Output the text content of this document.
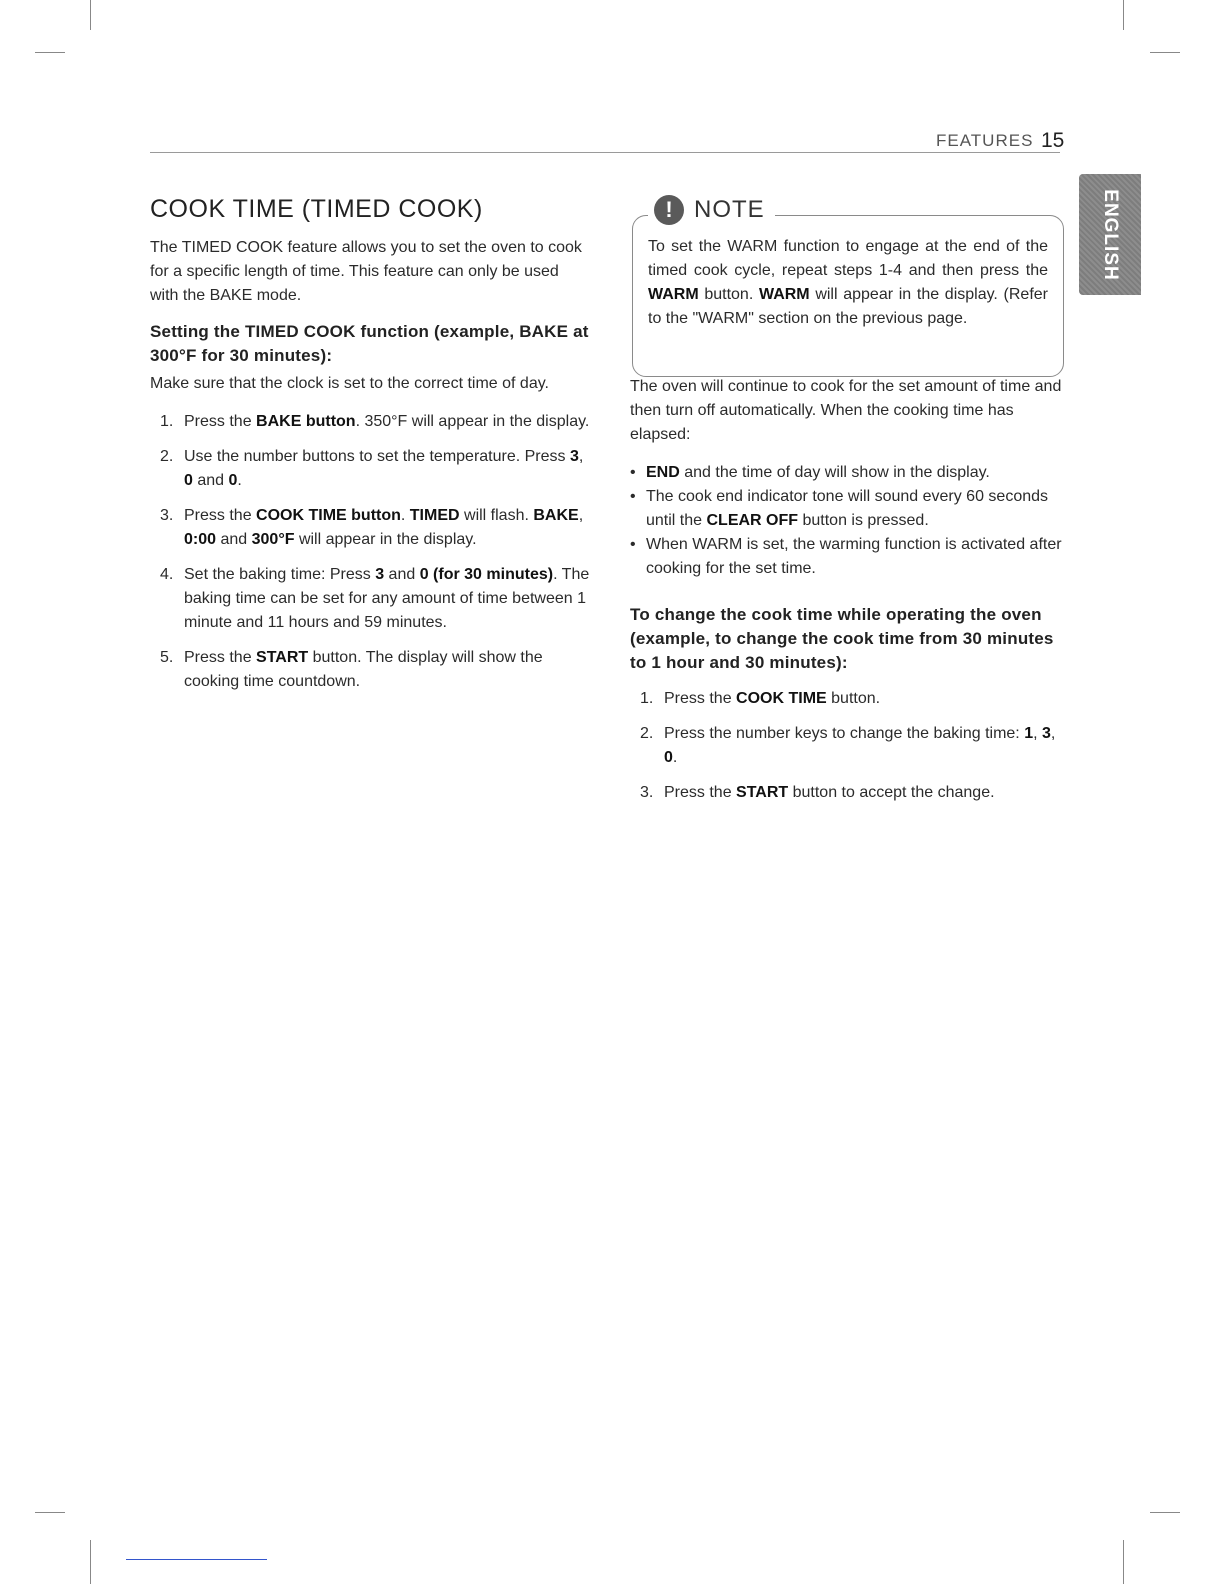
FEATURES 15
ENGLISH
COOK TIME (TIMED COOK)

The TIMED COOK feature allows you to set the oven to cook for a specific length of time. This feature can only be used with the BAKE mode.

Setting the TIMED COOK function (example, BAKE at 300°F for 30 minutes):

Make sure that the clock is set to the correct time of day.

1. Press the BAKE button. 350°F will appear in the display.
2. Use the number buttons to set the temperature. Press 3, 0 and 0.
3. Press the COOK TIME button. TIMED will flash. BAKE, 0:00 and 300°F will appear in the display.
4. Set the baking time: Press 3 and 0 (for 30 minutes). The baking time can be set for any amount of time between 1 minute and 11 hours and 59 minutes.
5. Press the START button. The display will show the cooking time countdown.
! NOTE
To set the WARM function to engage at the end of the timed cook cycle, repeat steps 1-4 and then press the WARM button. WARM will appear in the display. (Refer to the "WARM" section on the previous page.

The oven will continue to cook for the set amount of time and then turn off automatically. When the cooking time has elapsed:

• END and the time of day will show in the display.
• The cook end indicator tone will sound every 60 seconds until the CLEAR OFF button is pressed.
• When WARM is set, the warming function is activated after cooking for the set time.
To change the cook time while operating the oven (example, to change the cook time from 30 minutes to 1 hour and 30 minutes):
1. Press the COOK TIME button.
2. Press the number keys to change the baking time: 1, 3, 0.
3. Press the START button to accept the change.
